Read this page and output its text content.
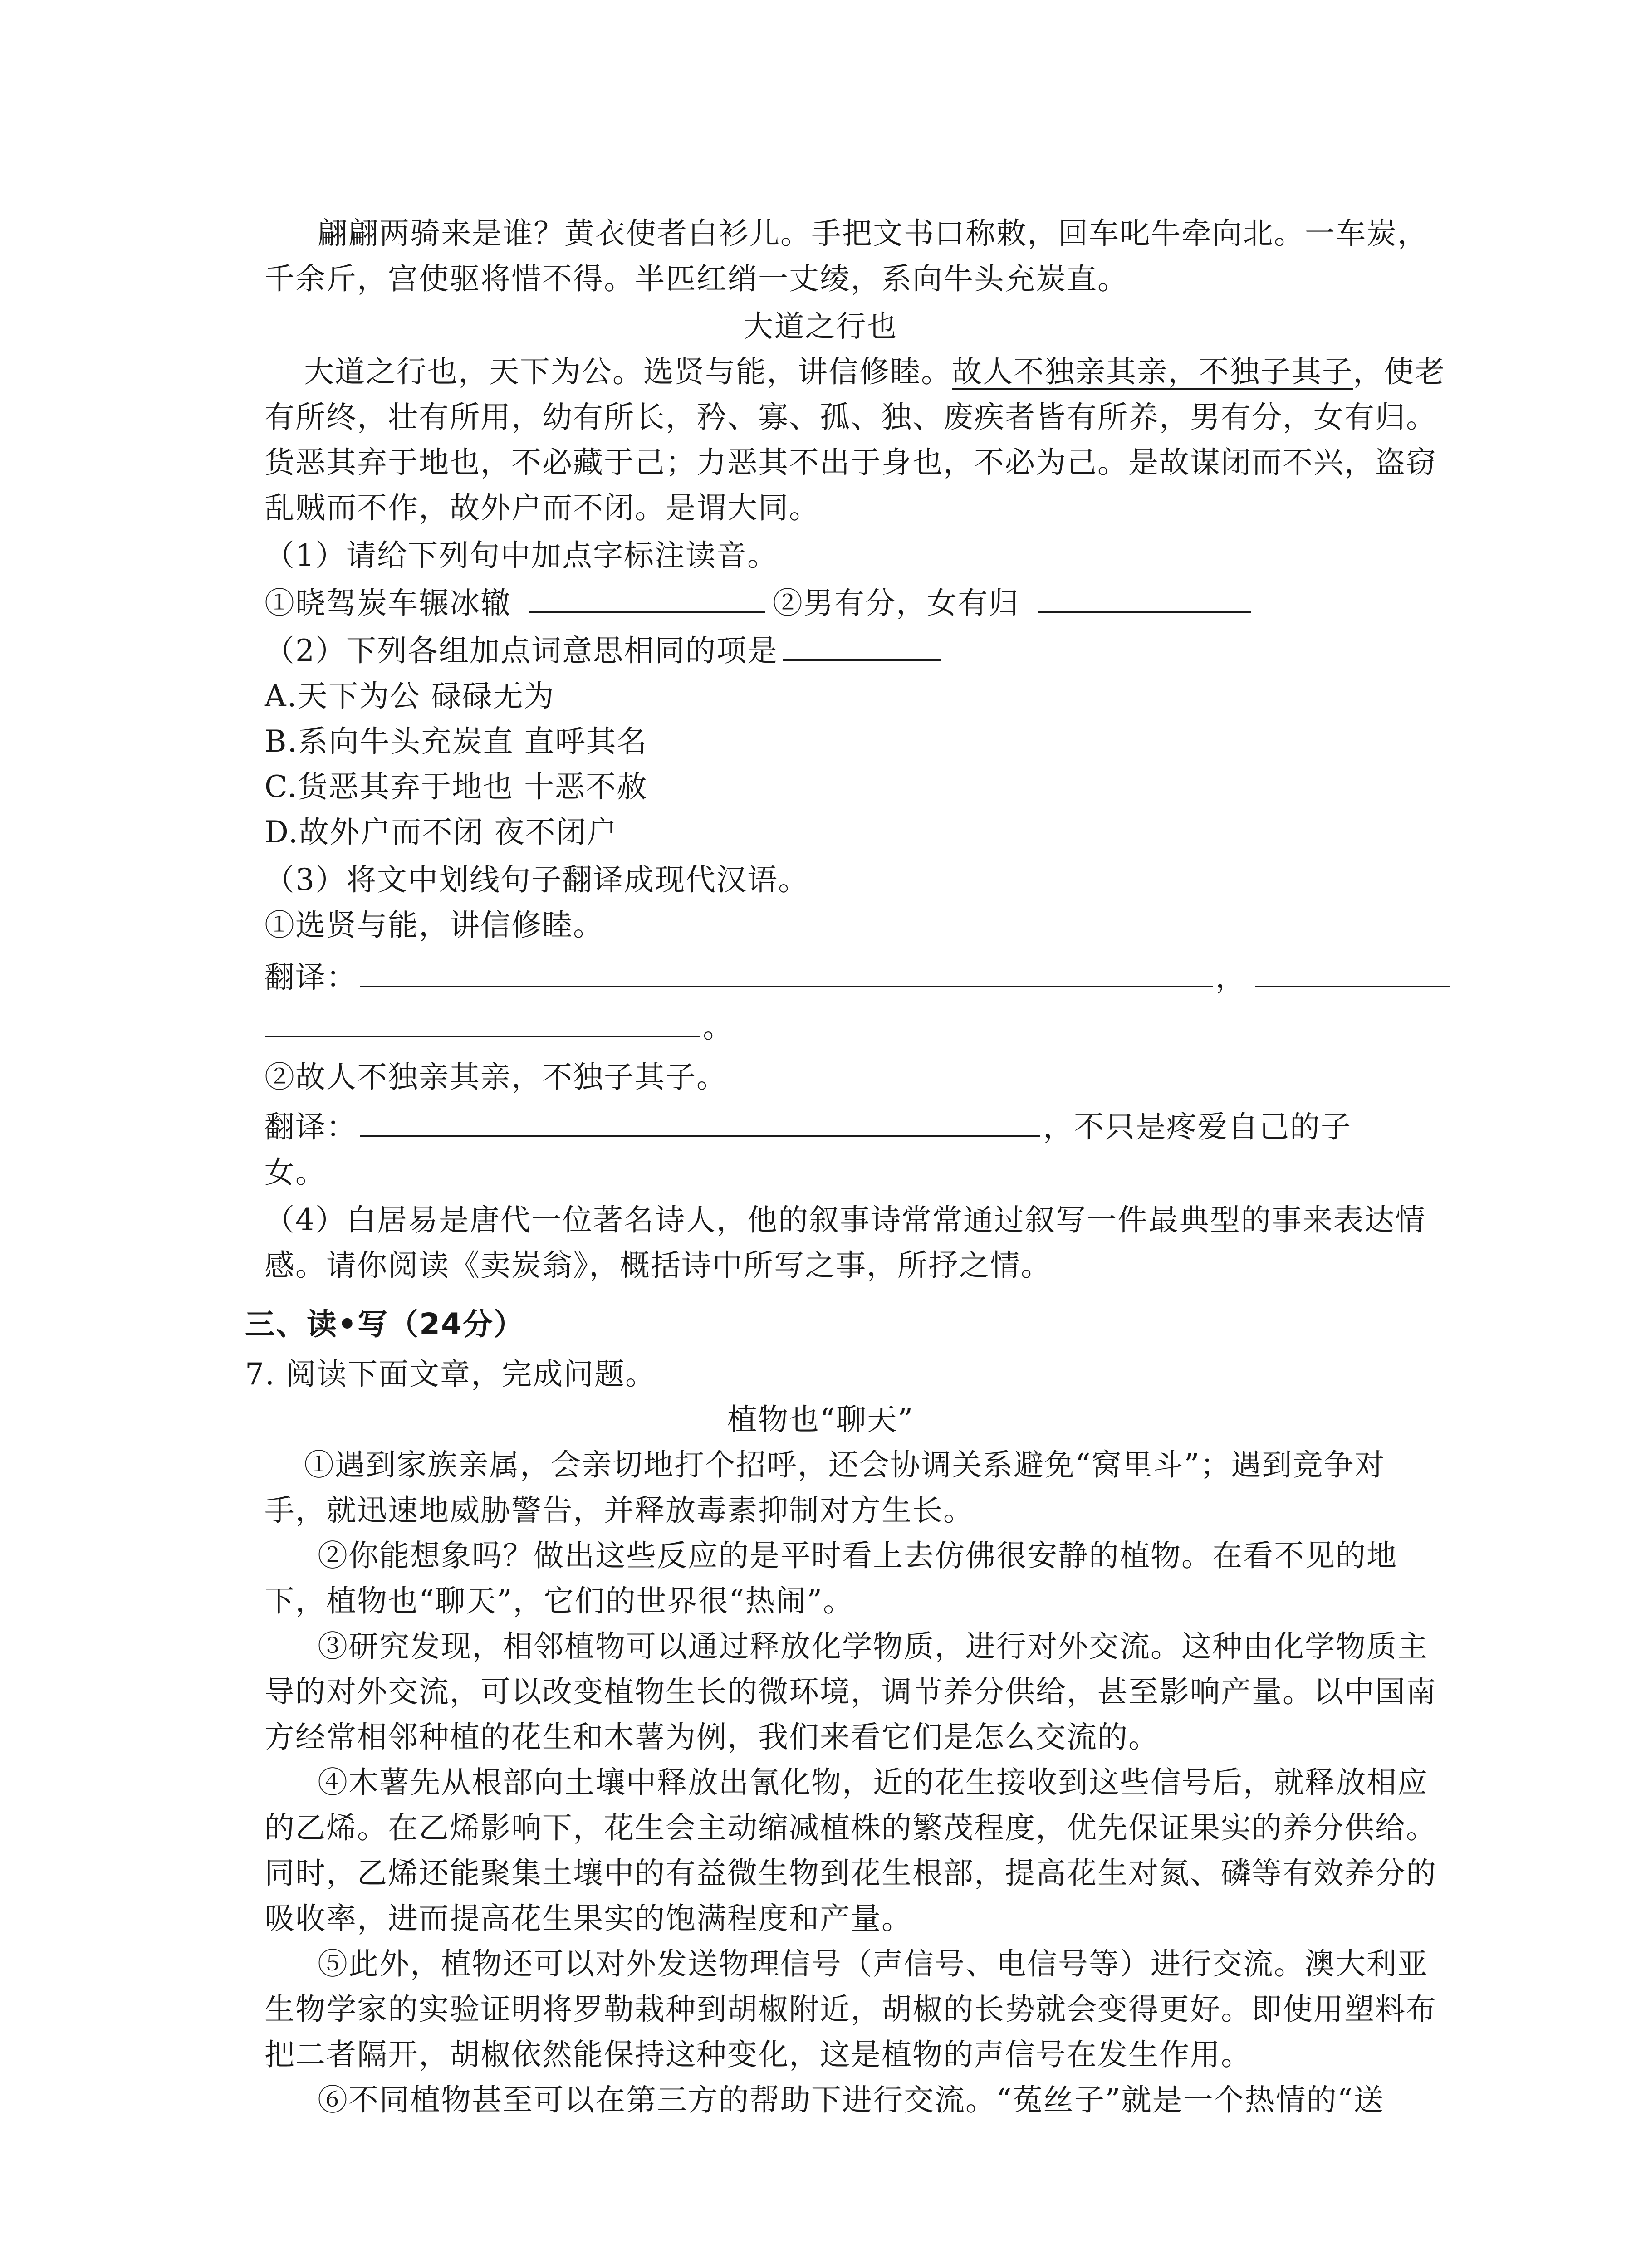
翩翩两骑来是谁？黄衣使者白衫儿。手把文书口称敕，回车叱牛牵向北。一车炭，
千余斤，宫使驱将惜不得。半匹红绡一丈绫，系向牛头充炭直。
大道之行也
大道之行也，天下为公。选贤与能，讲信修睦。故人不独亲其亲，不独子其子，使老
有所终，壮有所用，幼有所长，矜、寡、孤、独、废疾者皆有所养，男有分，女有归。
货恶其弃于地也，不必藏于己；力恶其不出于身也，不必为己。是故谋闭而不兴，盗窃
乱贼而不作，故外户而不闭。是谓大同。
（1）请给下列句中加点字标注读音。
①晓驾炭车辗冰辙	②男有分，女有归
（2）下列各组加点词意思相同的项是
A.天下为公 碌碌无为
B.系向牛头充炭直 直呼其名
C.货恶其弃于地也 十恶不赦
D.故外户而不闭 夜不闭户
（3）将文中划线句子翻译成现代汉语。
①选贤与能，讲信修睦。
翻译：	，
。
②故人不独亲其亲，不独子其子。
翻译：	，不只是疼爱自己的子
女。
（4）白居易是唐代一位著名诗人，他的叙事诗常常通过叙写一件最典型的事来表达情
感。请你阅读《卖炭翁》，概括诗中所写之事，所抒之情。
三、读•写（24分）
7. 阅读下面文章，完成问题。
植物也“聊天”
①遇到家族亲属，会亲切地打个招呼，还会协调关系避免“窝里斗”；遇到竞争对
手，就迅速地威胁警告，并释放毒素抑制对方生长。
②你能想象吗？做出这些反应的是平时看上去仿佛很安静的植物。在看不见的地
下，植物也“聊天”，它们的世界很“热闹”。
③研究发现，相邻植物可以通过释放化学物质，进行对外交流。这种由化学物质主
导的对外交流，可以改变植物生长的微环境，调节养分供给，甚至影响产量。以中国南
方经常相邻种植的花生和木薯为例，我们来看它们是怎么交流的。
④木薯先从根部向土壤中释放出氰化物，近的花生接收到这些信号后，就释放相应
的乙烯。在乙烯影响下，花生会主动缩减植株的繁茂程度，优先保证果实的养分供给。
同时，乙烯还能聚集土壤中的有益微生物到花生根部，提高花生对氮、磷等有效养分的
吸收率，进而提高花生果实的饱满程度和产量。
⑤此外，植物还可以对外发送物理信号（声信号、电信号等）进行交流。澳大利亚
生物学家的实验证明将罗勒栽种到胡椒附近，胡椒的长势就会变得更好。即使用塑料布
把二者隔开，胡椒依然能保持这种变化，这是植物的声信号在发生作用。
⑥不同植物甚至可以在第三方的帮助下进行交流。“菟丝子”就是一个热情的“送
